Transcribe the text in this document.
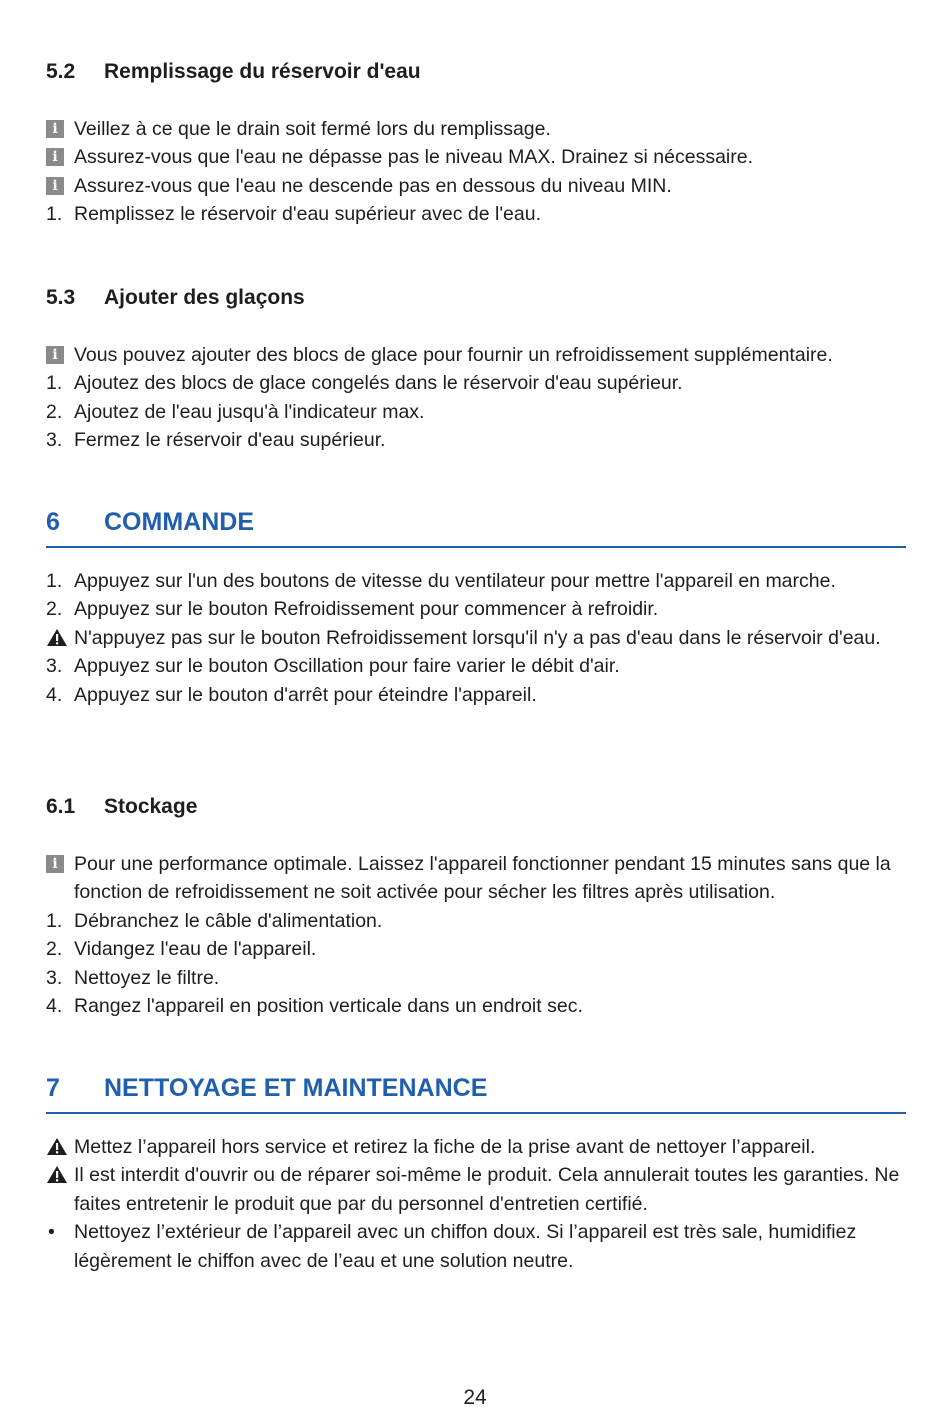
5.2	Remplissage du réservoir d'eau
i Veillez à ce que le drain soit fermé lors du remplissage.
i Assurez-vous que l'eau ne dépasse pas le niveau MAX. Drainez si nécessaire.
i Assurez-vous que l'eau ne descende pas en dessous du niveau MIN.
1. Remplissez le réservoir d'eau supérieur avec de l'eau.
5.3	Ajouter des glaçons
i Vous pouvez ajouter des blocs de glace pour fournir un refroidissement supplémentaire.
1. Ajoutez des blocs de glace congelés dans le réservoir d'eau supérieur.
2. Ajoutez de l'eau jusqu'à l'indicateur max.
3. Fermez le réservoir d'eau supérieur.
6	COMMANDE
1. Appuyez sur l'un des boutons de vitesse du ventilateur pour mettre l'appareil en marche.
2. Appuyez sur le bouton Refroidissement pour commencer à refroidir.
N'appuyez pas sur le bouton Refroidissement lorsqu'il n'y a pas d'eau dans le réservoir d'eau.
3. Appuyez sur le bouton Oscillation pour faire varier le débit d'air.
4. Appuyez sur le bouton d'arrêt pour éteindre l'appareil.
6.1	Stockage
i Pour une performance optimale. Laissez l'appareil fonctionner pendant 15 minutes sans que la fonction de refroidissement ne soit activée pour sécher les filtres après utilisation.
1. Débranchez le câble d'alimentation.
2. Vidangez l'eau de l'appareil.
3. Nettoyez le filtre.
4. Rangez l'appareil en position verticale dans un endroit sec.
7	NETTOYAGE ET MAINTENANCE
Mettez l’appareil hors service et retirez la fiche de la prise avant de nettoyer l’appareil.
Il est interdit d'ouvrir ou de réparer soi-même le produit. Cela annulerait toutes les garanties. Ne faites entretenir le produit que par du personnel d'entretien certifié.
• Nettoyez l’extérieur de l’appareil avec un chiffon doux. Si l’appareil est très sale, humidifiez légèrement le chiffon avec de l’eau et une solution neutre.
24
